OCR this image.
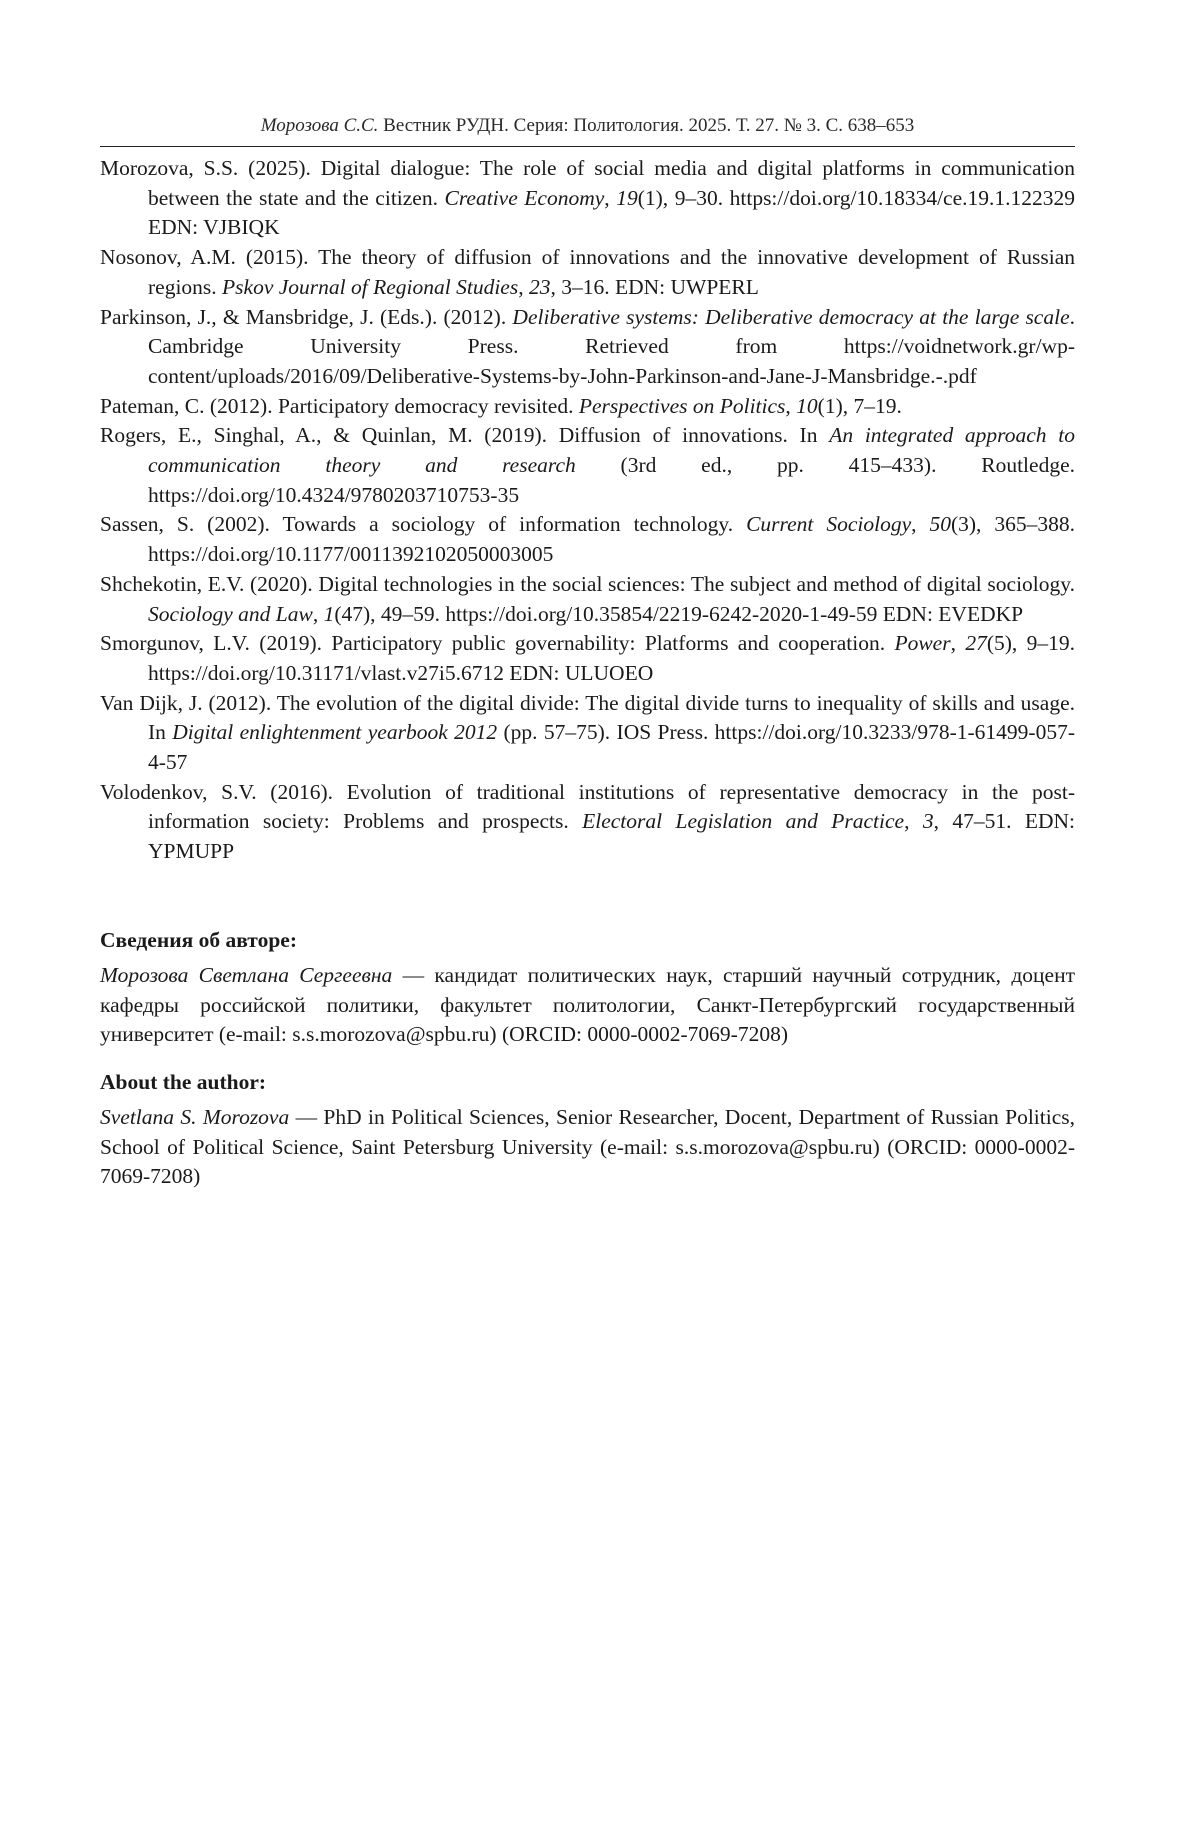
Морозова С.С. Вестник РУДН. Серия: Политология. 2025. Т. 27. № 3. С. 638–653
Morozova, S.S. (2025). Digital dialogue: The role of social media and digital platforms in communication between the state and the citizen. Creative Economy, 19(1), 9–30. https://doi.org/10.18334/ce.19.1.122329 EDN: VJBIQK
Nosonov, A.M. (2015). The theory of diffusion of innovations and the innovative development of Russian regions. Pskov Journal of Regional Studies, 23, 3–16. EDN: UWPERL
Parkinson, J., & Mansbridge, J. (Eds.). (2012). Deliberative systems: Deliberative democracy at the large scale. Cambridge University Press. Retrieved from https://voidnetwork.gr/wp-content/uploads/2016/09/Deliberative-Systems-by-John-Parkinson-and-Jane-J-Mansbridge.-.pdf
Pateman, C. (2012). Participatory democracy revisited. Perspectives on Politics, 10(1), 7–19.
Rogers, E., Singhal, A., & Quinlan, M. (2019). Diffusion of innovations. In An integrated approach to communication theory and research (3rd ed., pp. 415–433). Routledge. https://doi.org/10.4324/9780203710753-35
Sassen, S. (2002). Towards a sociology of information technology. Current Sociology, 50(3), 365–388. https://doi.org/10.1177/0011392102050003005
Shchekotin, E.V. (2020). Digital technologies in the social sciences: The subject and method of digital sociology. Sociology and Law, 1(47), 49–59. https://doi.org/10.35854/2219-6242-2020-1-49-59 EDN: EVEDKP
Smorgunov, L.V. (2019). Participatory public governability: Platforms and cooperation. Power, 27(5), 9–19. https://doi.org/10.31171/vlast.v27i5.6712 EDN: ULUOEO
Van Dijk, J. (2012). The evolution of the digital divide: The digital divide turns to inequality of skills and usage. In Digital enlightenment yearbook 2012 (pp. 57–75). IOS Press. https://doi.org/10.3233/978-1-61499-057-4-57
Volodenkov, S.V. (2016). Evolution of traditional institutions of representative democracy in the post-information society: Problems and prospects. Electoral Legislation and Practice, 3, 47–51. EDN: YPMUPP

Сведения об авторе:

Морозова Светлана Сергеевна — кандидат политических наук, старший научный сотрудник, доцент кафедры российской политики, факультет политологии, Санкт-Петербургский государственный университет (e-mail: s.s.morozova@spbu.ru) (ORCID: 0000-0002-7069-7208)

About the author:

Svetlana S. Morozova — PhD in Political Sciences, Senior Researcher, Docent, Department of Russian Politics, School of Political Science, Saint Petersburg University (e-mail: s.s.morozova@spbu.ru) (ORCID: 0000-0002-7069-7208)
